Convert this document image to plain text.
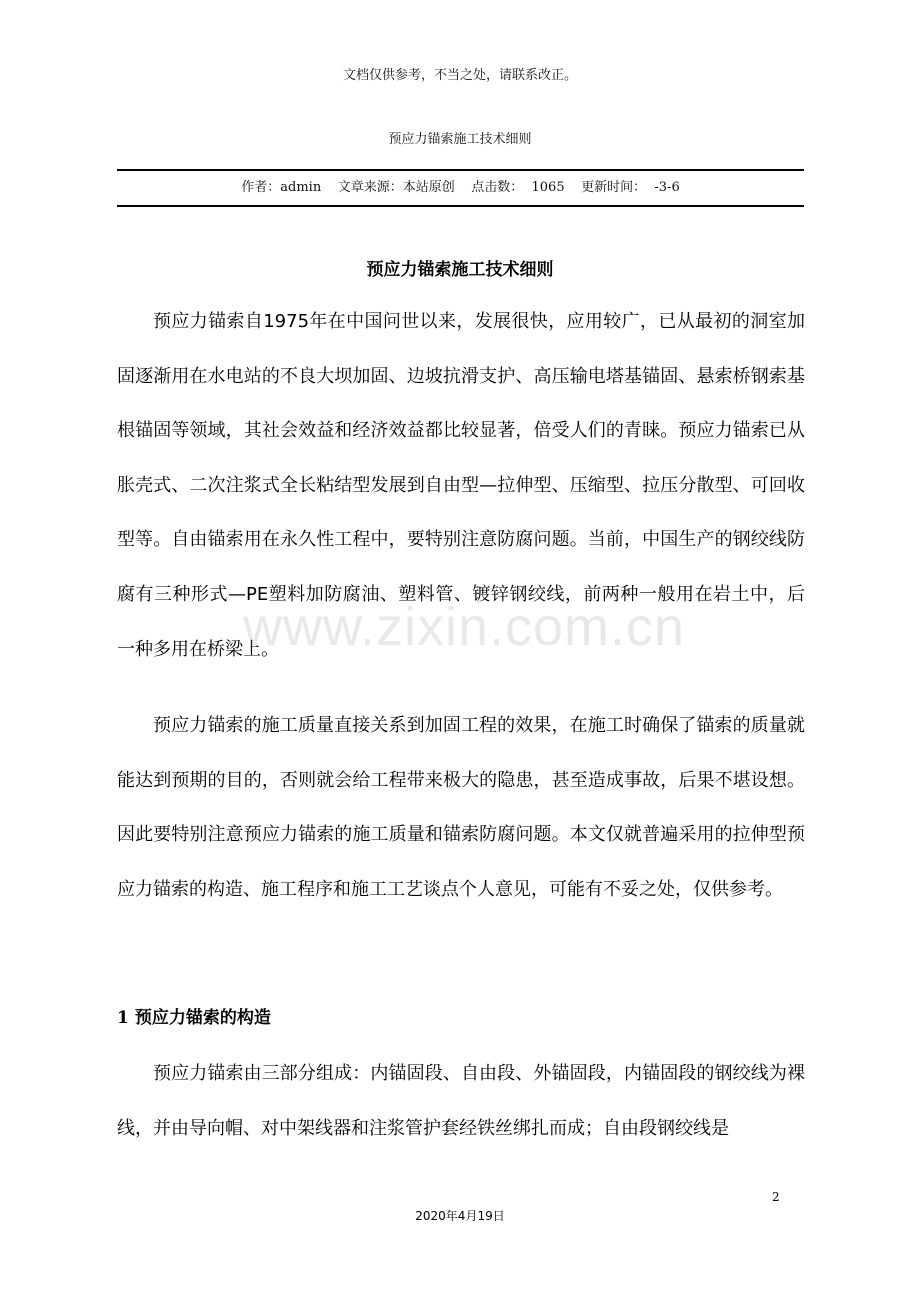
文档仅供参考，不当之处，请联系改正。
预应力锚索施工技术细则
作者：admin    文章来源：本站原创    点击数：  1065    更新时间：  -3-6
预应力锚索施工技术细则

预应力锚索自1975年在中国问世以来，发展很快，应用较广，已从最初的洞室加固逐渐用在水电站的不良大坝加固、边坡抗滑支护、高压输电塔基锚固、悬索桥钢索基根锚固等领域，其社会效益和经济效益都比较显著，倍受人们的青睐。预应力锚索已从胀壳式、二次注浆式全长粘结型发展到自由型—拉伸型、压缩型、拉压分散型、可回收型等。自由锚索用在永久性工程中，要特别注意防腐问题。当前，中国生产的钢绞线防腐有三种形式—PE塑料加防腐油、塑料管、镀锌钢绞线，前两种一般用在岩土中，后一种多用在桥梁上。

预应力锚索的施工质量直接关系到加固工程的效果，在施工时确保了锚索的质量就能达到预期的目的，否则就会给工程带来极大的隐患，甚至造成事故，后果不堪设想。因此要特别注意预应力锚索的施工质量和锚索防腐问题。本文仅就普遍采用的拉伸型预应力锚索的构造、施工程序和施工工艺谈点个人意见，可能有不妥之处，仅供参考。

1 预应力锚索的构造

预应力锚索由三部分组成：内锚固段、自由段、外锚固段，内锚固段的钢绞线为裸线，并由导向帽、对中架线器和注浆管护套经铁丝绑扎而成；自由段钢绞线是

www.zixin.com.cn
2
2020年4月19日
